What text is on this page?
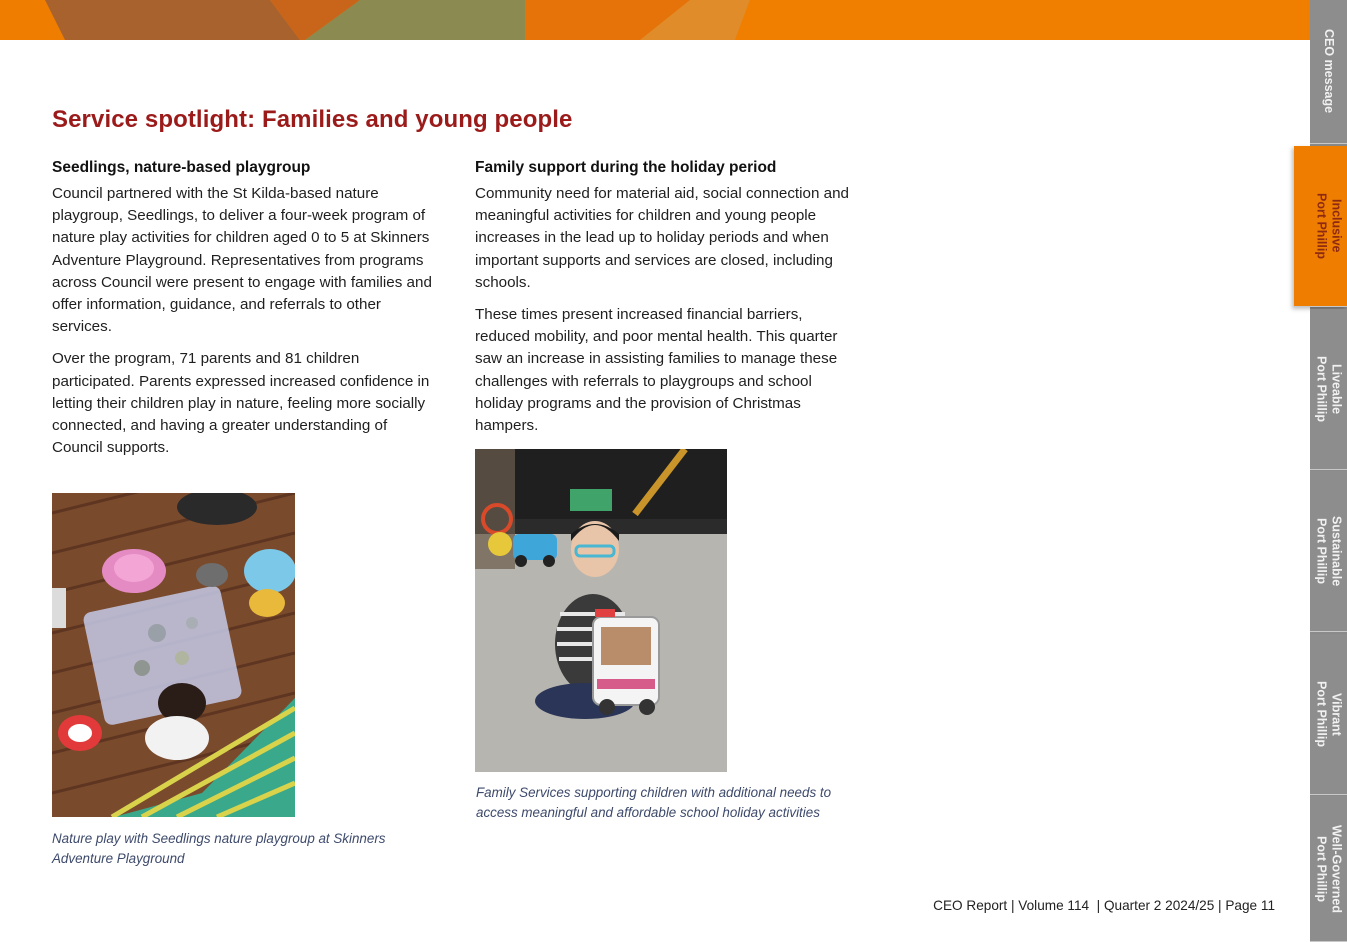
Service spotlight: Families and young people
Seedlings, nature-based playgroup

Council partnered with the St Kilda-based nature playgroup, Seedlings, to deliver a four-week program of nature play activities for children aged 0 to 5 at Skinners Adventure Playground. Representatives from programs across Council were present to engage with families and offer information, guidance, and referrals to other services.

Over the program, 71 parents and 81 children participated. Parents expressed increased confidence in letting their children play in nature, feeling more socially connected, and having a greater understanding of Council supports.

Family support during the holiday period

Community need for material aid, social connection and meaningful activities for children and young people increases in the lead up to holiday periods and when important supports and services are closed, including schools.

These times present increased financial barriers, reduced mobility, and poor mental health. This quarter saw an increase in assisting families to manage these challenges with referrals to playgroups and school holiday programs and the provision of Christmas hampers.

Nature play with Seedlings nature playgroup at Skinners Adventure Playground

Family Services supporting children with additional needs to access meaningful and affordable school holiday activities

CEO Report | Volume 114  | Quarter 2 2024/25 | Page 11
CEO message
Inclusive
Port Phillip
Liveable
Port Phillip
Sustainable
Port Phillip
Vibrant
Port Phillip
Well-Governed
Port Phillip
